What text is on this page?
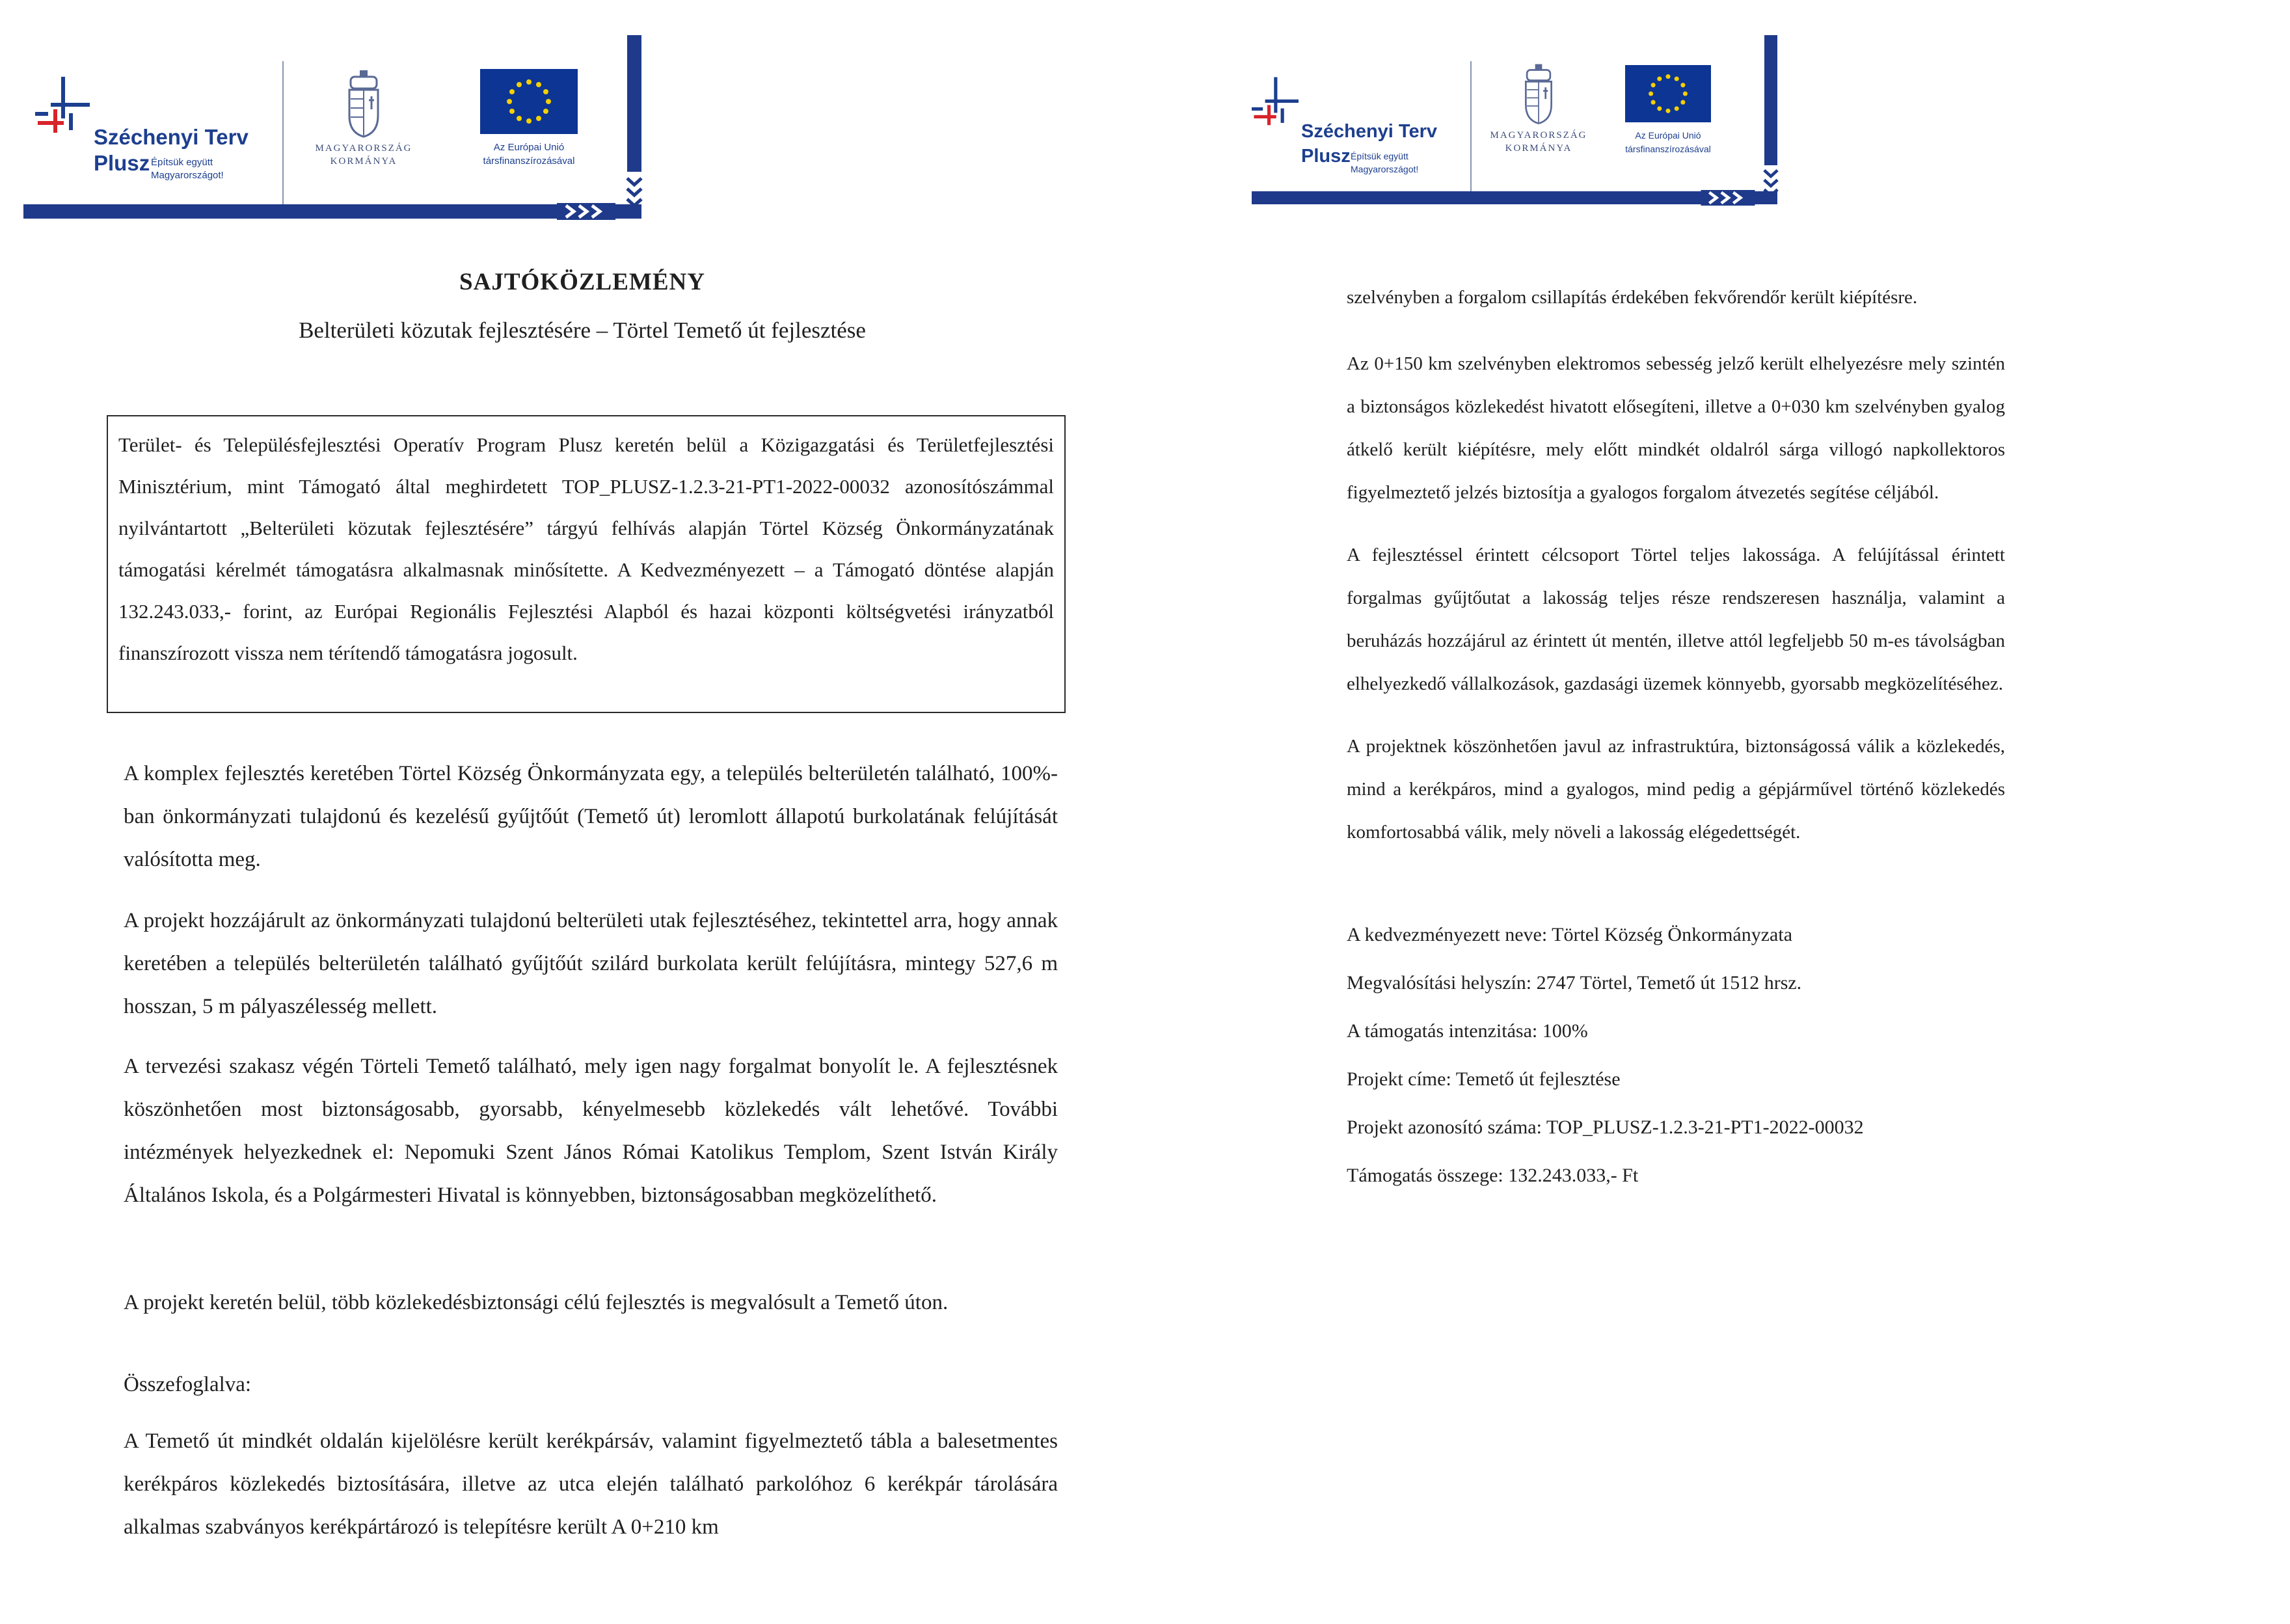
Széchenyi Terv
Plusz Építsük együtt Magyarországot!
MAGYARORSZÁG
KORMÁNYA
Az Európai Unió
társfinanszírozásával
SAJTÓKÖZLEMÉNY
Belterületi közutak fejlesztésére – Törtel Temető út fejlesztése

Terület- és Településfejlesztési Operatív Program Plusz keretén belül a Közigazgatási és Területfejlesztési Minisztérium, mint Támogató által meghirdetett TOP_PLUSZ-1.2.3-21-PT1-2022-00032 azonosítószámmal nyilvántartott „Belterületi közutak fejlesztésére” tárgyú felhívás alapján Törtel Község Önkormányzatának támogatási kérelmét támogatásra alkalmasnak minősítette. A Kedvezményezett – a Támogató döntése alapján 132.243.033,- forint, az Európai Regionális Fejlesztési Alapból és hazai központi költségvetési irányzatból finanszírozott vissza nem térítendő támogatásra jogosult.

A komplex fejlesztés keretében Törtel Község Önkormányzata egy, a település belterületén található, 100%-ban önkormányzati tulajdonú és kezelésű gyűjtőút (Temető út) leromlott állapotú burkolatának felújítását valósította meg.

A projekt hozzájárult az önkormányzati tulajdonú belterületi utak fejlesztéséhez, tekintettel arra, hogy annak keretében a település belterületén található gyűjtőút szilárd burkolata került felújításra, mintegy 527,6 m hosszan, 5 m pályaszélesség mellett.

A tervezési szakasz végén Törteli Temető található, mely igen nagy forgalmat bonyolít le. A fejlesztésnek köszönhetően most biztonságosabb, gyorsabb, kényelmesebb közlekedés vált lehetővé. További intézmények helyezkednek el: Nepomuki Szent János Római Katolikus Templom, Szent István Király Általános Iskola, és a Polgármesteri Hivatal is könnyebben, biztonságosabban megközelíthető.

A projekt keretén belül, több közlekedésbiztonsági célú fejlesztés is megvalósult a Temető úton.

Összefoglalva:

A Temető út mindkét oldalán kijelölésre került kerékpársáv, valamint figyelmeztető tábla a balesetmentes kerékpáros közlekedés biztosítására, illetve az utca elején található parkolóhoz 6 kerékpár tárolására alkalmas szabványos kerékpártározó is telepítésre került A 0+210 km

Széchenyi Terv
Plusz Építsük együtt Magyarországot!
MAGYARORSZÁG
KORMÁNYA
Az Európai Unió
társfinanszírozásával

szelvényben a forgalom csillapítás érdekében fekvőrendőr került kiépítésre.

Az 0+150 km szelvényben elektromos sebesség jelző került elhelyezésre mely szintén a biztonságos közlekedést hivatott elősegíteni, illetve a 0+030 km szelvényben gyalog átkelő került kiépítésre, mely előtt mindkét oldalról sárga villogó napkollektoros figyelmeztető jelzés biztosítja a gyalogos forgalom átvezetés segítése céljából.

A fejlesztéssel érintett célcsoport Törtel teljes lakossága. A felújítással érintett forgalmas gyűjtőutat a lakosság teljes része rendszeresen használja, valamint a beruházás hozzájárul az érintett út mentén, illetve attól legfeljebb 50 m-es távolságban elhelyezkedő vállalkozások, gazdasági üzemek könnyebb, gyorsabb megközelítéséhez.

A projektnek köszönhetően javul az infrastruktúra, biztonságossá válik a közlekedés, mind a kerékpáros, mind a gyalogos, mind pedig a gépjárművel történő közlekedés komfortosabbá válik, mely növeli a lakosság elégedettségét.

A kedvezményezett neve: Törtel Község Önkormányzata

Megvalósítási helyszín: 2747 Törtel, Temető út 1512 hrsz.

A támogatás intenzitása: 100%

Projekt címe: Temető út fejlesztése

Projekt azonosító száma: TOP_PLUSZ-1.2.3-21-PT1-2022-00032

Támogatás összege: 132.243.033,- Ft
